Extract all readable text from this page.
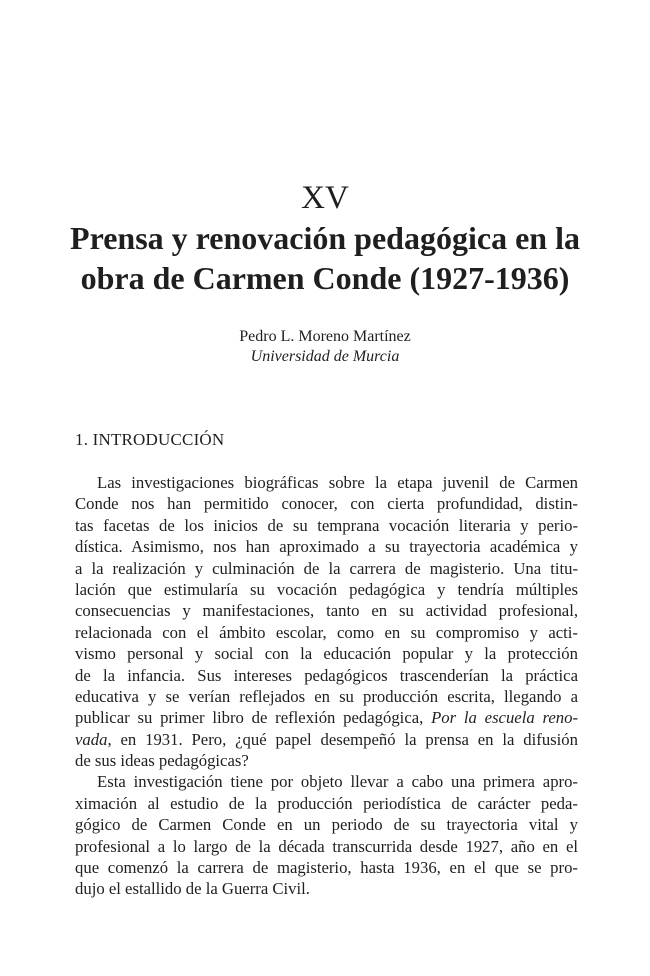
XV
Prensa y renovación pedagógica en la
obra de Carmen Conde (1927-1936)
Pedro L. Moreno Martínez
Universidad de Murcia
1. INTRODUCCIÓN
Las investigaciones biográficas sobre la etapa juvenil de Carmen
Conde nos han permitido conocer, con cierta profundidad, distin-
tas facetas de los inicios de su temprana vocación literaria y perio-
dística. Asimismo, nos han aproximado a su trayectoria académica y
a la realización y culminación de la carrera de magisterio. Una titu-
lación que estimularía su vocación pedagógica y tendría múltiples
consecuencias y manifestaciones, tanto en su actividad profesional,
relacionada con el ámbito escolar, como en su compromiso y acti-
vismo personal y social con la educación popular y la protección
de la infancia. Sus intereses pedagógicos trascenderían la práctica
educativa y se verían reflejados en su producción escrita, llegando a
publicar su primer libro de reflexión pedagógica, Por la escuela reno-
vada, en 1931. Pero, ¿qué papel desempeñó la prensa en la difusión
de sus ideas pedagógicas?
Esta investigación tiene por objeto llevar a cabo una primera apro-
ximación al estudio de la producción periodística de carácter peda-
gógico de Carmen Conde en un periodo de su trayectoria vital y
profesional a lo largo de la década transcurrida desde 1927, año en el
que comenzó la carrera de magisterio, hasta 1936, en el que se pro-
dujo el estallido de la Guerra Civil.
